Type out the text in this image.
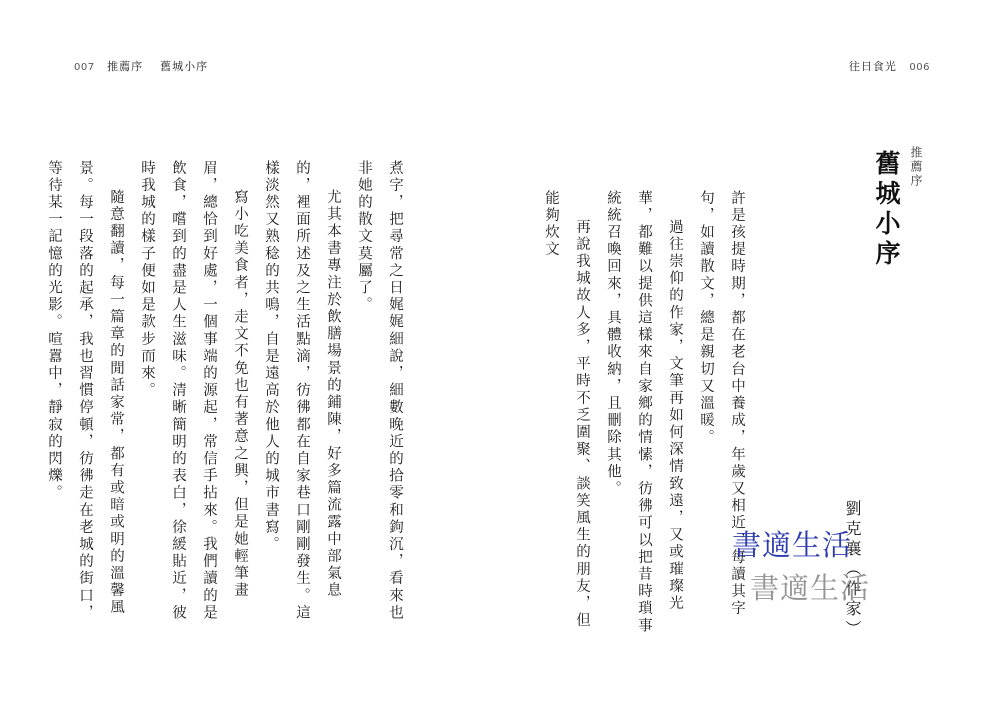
007 推薦序 舊城小序

煮字，把尋常之日娓娓細說，細數晚近的拾零和鉤沉，看來也非她的散文莫屬了。

尤其本書專注於飲膳場景的鋪陳，好多篇流露中部氣息的，裡面所述及之生活點滴，彷彿都在自家巷口剛剛發生。這樣淡然又熟稔的共鳴，自是遠高於他人的城市書寫。

寫小吃美食者，走文不免也有著意之興，但是她輕筆畫眉，總恰到好處，一個事端的源起，常信手拈來。我們讀的是飲食，嚐到的盡是人生滋味。清晰簡明的表白，徐緩貼近，彼時我城的樣子便如是款步而來。

隨意翻讀，每一篇章的閒話家常，都有或暗或明的溫馨風景。每一段落的起承，我也習慣停頓，彷彿走在老城的街口，等待某一記憶的光影。喧囂中，靜寂的閃爍。

往日食光 006
推薦序
舊城小序
劉克襄（作家）

許是孩提時期，都在老台中養成，年歲又相近，每讀其字句，如讀散文，總是親切又溫暖。

過往崇仰的作家，文筆再如何深情致遠，又或璀璨光華，都難以提供這樣來自家鄉的情愫，彷彿可以把昔時瑣事統統召喚回來，具體收納，且刪除其他。

再說我城故人多，平時不乏圍聚、談笑風生的朋友，但能夠炊文

書適生活
書適生活
